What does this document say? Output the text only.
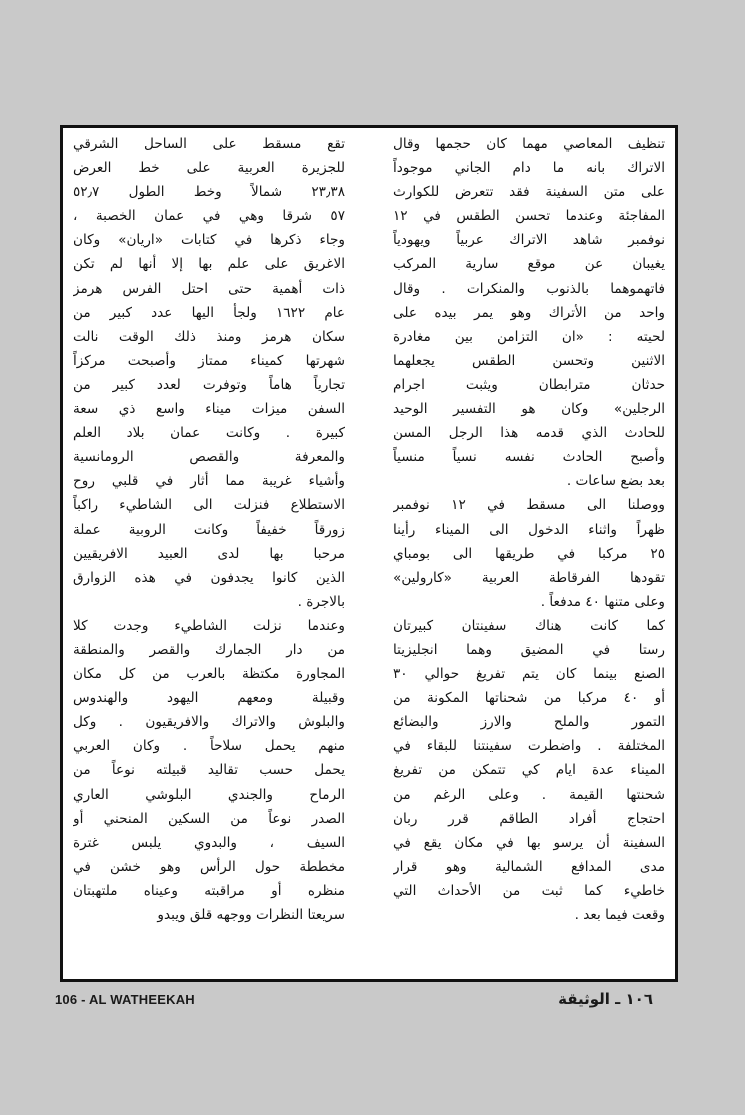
تنظيف المعاصي مهما كان حجمها وقال
الاتراك بانه ما دام الجاني موجوداً
على متن السفينة فقد تتعرض للكوارث
المفاجئة وعندما تحسن الطقس في ١٢
نوفمبر شاهد الاتراك عربياً ويهودياً
يغيبان عن موقع سارية المركب
فاتهموهما بالذنوب والمنكرات . وقال
واحد من الأتراك وهو يمر بيده على
لحيته : «ان التزامن بين مغادرة
الاثنين وتحسن الطقس يجعلهما
حدثان مترابطان ويثبت اجرام
الرجلين» وكان هو التفسير الوحيد
للحادث الذي قدمه هذا الرجل المسن
وأصبح الحادث نفسه نسياً منسياً
بعد بضع ساعات .

ووصلنا الى مسقط في ١٢ نوفمبر
ظهراً واثناء الدخول الى الميناء رأينا
٢٥ مركبا في طريقها الى بومباي
تقودها الفرقاطة العربية «كارولين»
وعلى متنها ٤٠ مدفعاً .

كما كانت هناك سفينتان كبيرتان
رستا في المضيق وهما انجليزيتا
الصنع بينما كان يتم تفريغ حوالي ٣٠
أو ٤٠ مركبا من شحناتها المكونة من
التمور والملح والارز والبضائع
المختلفة . واضطرت سفينتنا للبقاء في
الميناء عدة ايام كي تتمكن من تفريغ
شحنتها القيمة . وعلى الرغم من
احتجاج أفراد الطاقم قرر ربان
السفينة أن يرسو بها في مكان يقع في
مدى المدافع الشمالية وهو قرار
خاطيء كما ثبت من الأحداث التي
وقعت فيما بعد .

تقع مسقط على الساحل الشرقي
للجزيرة العربية على خط العرض
٢٣٫٣٨ شمالاً وخط الطول ٥٢٫٧
٥٧ شرقا وهي في عمان الخصبة ،
وجاء ذكرها في كتابات «اريان» وكان
الاغريق على علم بها إلا أنها لم تكن
ذات أهمية حتى احتل الفرس هرمز
عام ١٦٢٢ ولجأ اليها عدد كبير من
سكان هرمز ومنذ ذلك الوقت نالت
شهرتها كميناء ممتاز وأصبحت مركزاً
تجارياً هاماً وتوفرت لعدد كبير من
السفن ميزات ميناء واسع ذي سعة
كبيرة . وكانت عمان بلاد العلم
والمعرفة والقصص الرومانسية
وأشياء غريبة مما أثار في قلبي روح
الاستطلاع فنزلت الى الشاطيء راكباً
زورقاً خفيفاً وكانت الروبية عملة
مرحبا بها لدى العبيد الافريقيين
الذين كانوا يجدفون في هذه الزوارق
بالاجرة .

وعندما نزلت الشاطيء وجدت كلا
من دار الجمارك والقصر والمنطقة
المجاورة مكتظة بالعرب من كل مكان
وقبيلة ومعهم اليهود والهندوس
والبلوش والاتراك والافريقيون . وكل
منهم يحمل سلاحاً . وكان العربي
يحمل حسب تقاليد قبيلته نوعاً من
الرماح والجندي البلوشي العاري
الصدر نوعاً من السكين المنحني أو
السيف ، والبدوي يلبس غترة
مخططة حول الرأس وهو خشن في
منظره أو مراقبته وعيناه ملتهبتان
سريعتا النظرات ووجهه قلق ويبدو

106 - AL WATHEEKAH	١٠٦ ـ الوثيقة
